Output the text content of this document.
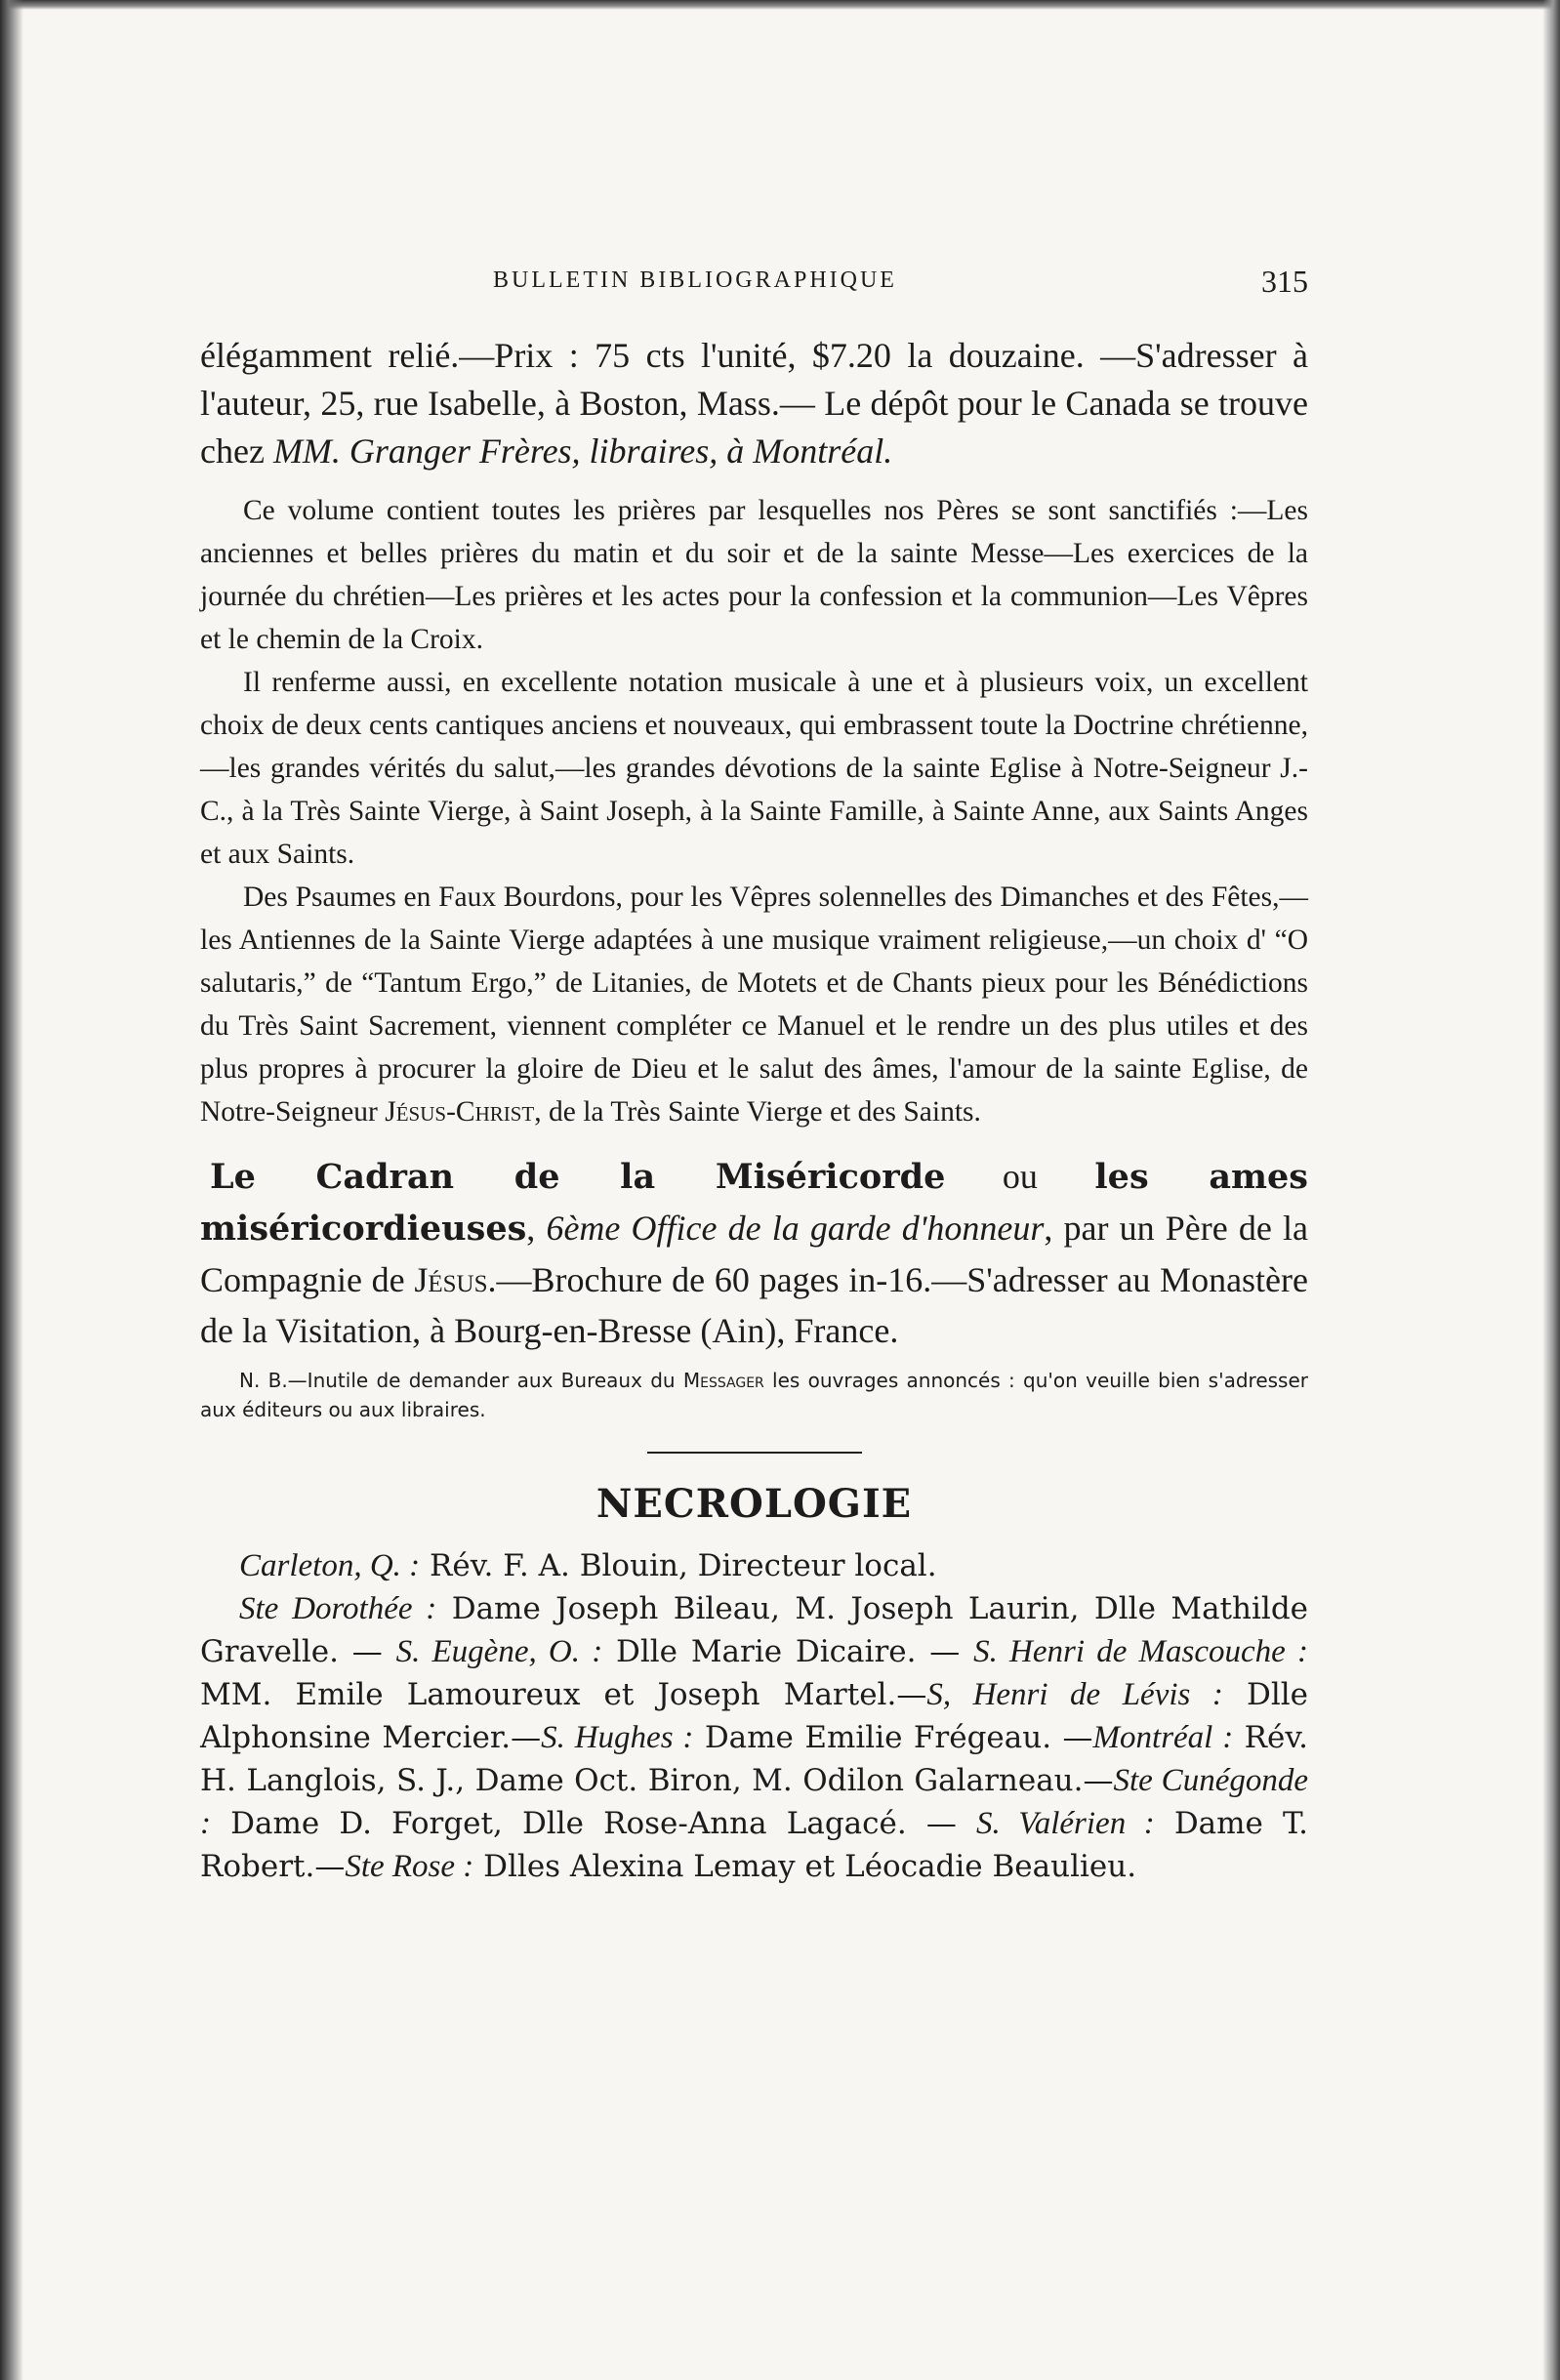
BULLETIN BIBLIOGRAPHIQUE	315

élégamment relié.—Prix : 75 cts l'unité, $7.20 la douzaine. —S'adresser à l'auteur, 25, rue Isabelle, à Boston, Mass.— Le dépôt pour le Canada se trouve chez MM. Granger Frères, libraires, à Montréal.

Ce volume contient toutes les prières par lesquelles nos Pères se sont sanctifiés :—Les anciennes et belles prières du matin et du soir et de la sainte Messe—Les exercices de la journée du chrétien—Les prières et les actes pour la confession et la communion—Les Vêpres et le chemin de la Croix.

Il renferme aussi, en excellente notation musicale à une et à plusieurs voix, un excellent choix de deux cents cantiques anciens et nouveaux, qui embrassent toute la Doctrine chrétienne,—les grandes vérités du salut,—les grandes dévotions de la sainte Eglise à Notre-Seigneur J.-C., à la Très Sainte Vierge, à Saint Joseph, à la Sainte Famille, à Sainte Anne, aux Saints Anges et aux Saints.

Des Psaumes en Faux Bourdons, pour les Vêpres solennelles des Dimanches et des Fêtes,—les Antiennes de la Sainte Vierge adaptées à une musique vraiment religieuse,—un choix d' “O salutaris,” de “Tantum Ergo,” de Litanies, de Motets et de Chants pieux pour les Bénédictions du Très Saint Sacrement, viennent compléter ce Manuel et le rendre un des plus utiles et des plus propres à procurer la gloire de Dieu et le salut des âmes, l'amour de la sainte Eglise, de Notre-Seigneur Jésus-Christ, de la Très Sainte Vierge et des Saints.

Le Cadran de la Miséricorde ou les ames miséricordieuses, 6ème Office de la garde d'honneur, par un Père de la Compagnie de Jésus.—Brochure de 60 pages in-16.—S'adresser au Monastère de la Visitation, à Bourg-en-Bresse (Ain), France.

N. B.—Inutile de demander aux Bureaux du Messager les ouvrages annoncés : qu'on veuille bien s'adresser aux éditeurs ou aux libraires.

NECROLOGIE

Carleton, Q. : Rév. F. A. Blouin, Directeur local.

Ste Dorothée : Dame Joseph Bileau, M. Joseph Laurin, Dlle Mathilde Gravelle. — S. Eugène, O. : Dlle Marie Dicaire. — S. Henri de Mascouche : MM. Emile Lamoureux et Joseph Martel.—S, Henri de Lévis : Dlle Alphonsine Mercier.—S. Hughes : Dame Emilie Frégeau. —Montréal : Rév. H. Langlois, S. J., Dame Oct. Biron, M. Odilon Galarneau.—Ste Cunégonde : Dame D. Forget, Dlle Rose-Anna Lagacé. — S. Valérien : Dame T. Robert.—Ste Rose : Dlles Alexina Lemay et Léocadie Beaulieu.
